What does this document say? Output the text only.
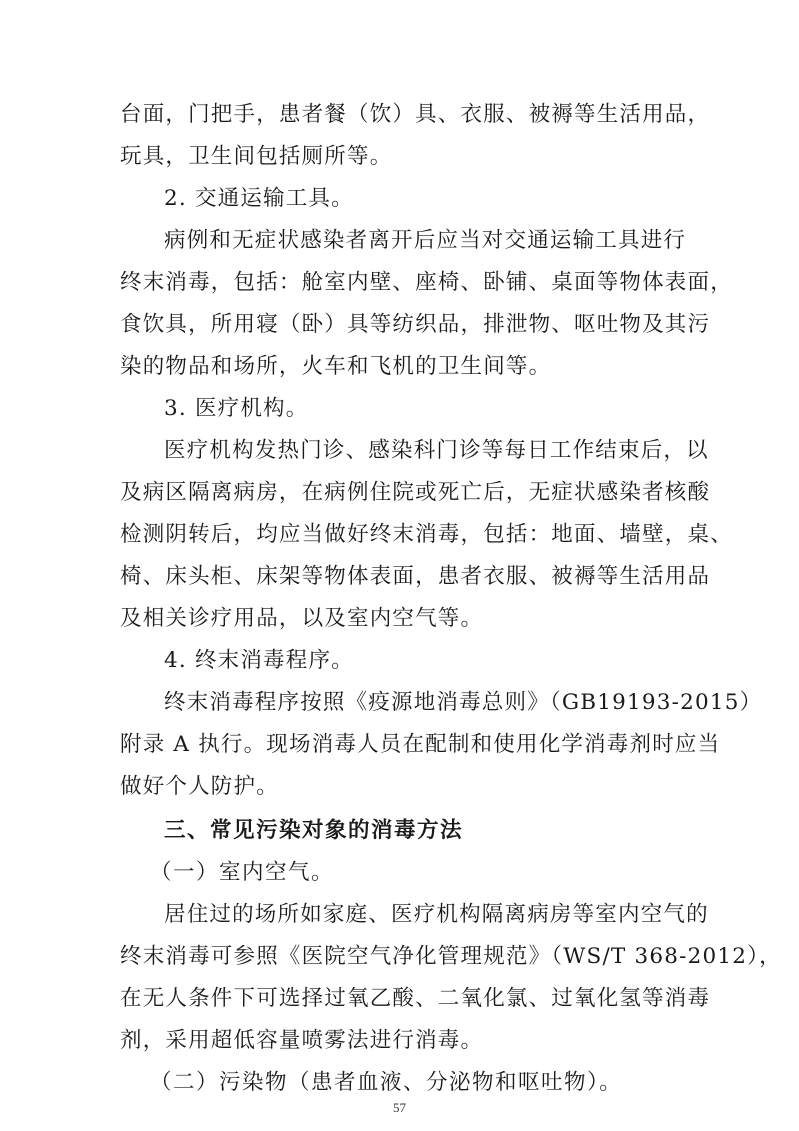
台面，门把手，患者餐（饮）具、衣服、被褥等生活用品，
玩具，卫生间包括厕所等。
2. 交通运输工具。
病例和无症状感染者离开后应当对交通运输工具进行
终末消毒，包括：舱室内壁、座椅、卧铺、桌面等物体表面，
食饮具，所用寝（卧）具等纺织品，排泄物、呕吐物及其污
染的物品和场所，火车和飞机的卫生间等。
3. 医疗机构。
医疗机构发热门诊、感染科门诊等每日工作结束后，以
及病区隔离病房，在病例住院或死亡后，无症状感染者核酸
检测阴转后，均应当做好终末消毒，包括：地面、墙壁，桌、
椅、床头柜、床架等物体表面，患者衣服、被褥等生活用品
及相关诊疗用品，以及室内空气等。
4. 终末消毒程序。
终末消毒程序按照《疫源地消毒总则》（GB19193-2015）
附录 A 执行。现场消毒人员在配制和使用化学消毒剂时应当
做好个人防护。
三、常见污染对象的消毒方法
（一）室内空气。
居住过的场所如家庭、医疗机构隔离病房等室内空气的
终末消毒可参照《医院空气净化管理规范》（WS/T 368-2012），
在无人条件下可选择过氧乙酸、二氧化氯、过氧化氢等消毒
剂，采用超低容量喷雾法进行消毒。
（二）污染物（患者血液、分泌物和呕吐物）。
57
